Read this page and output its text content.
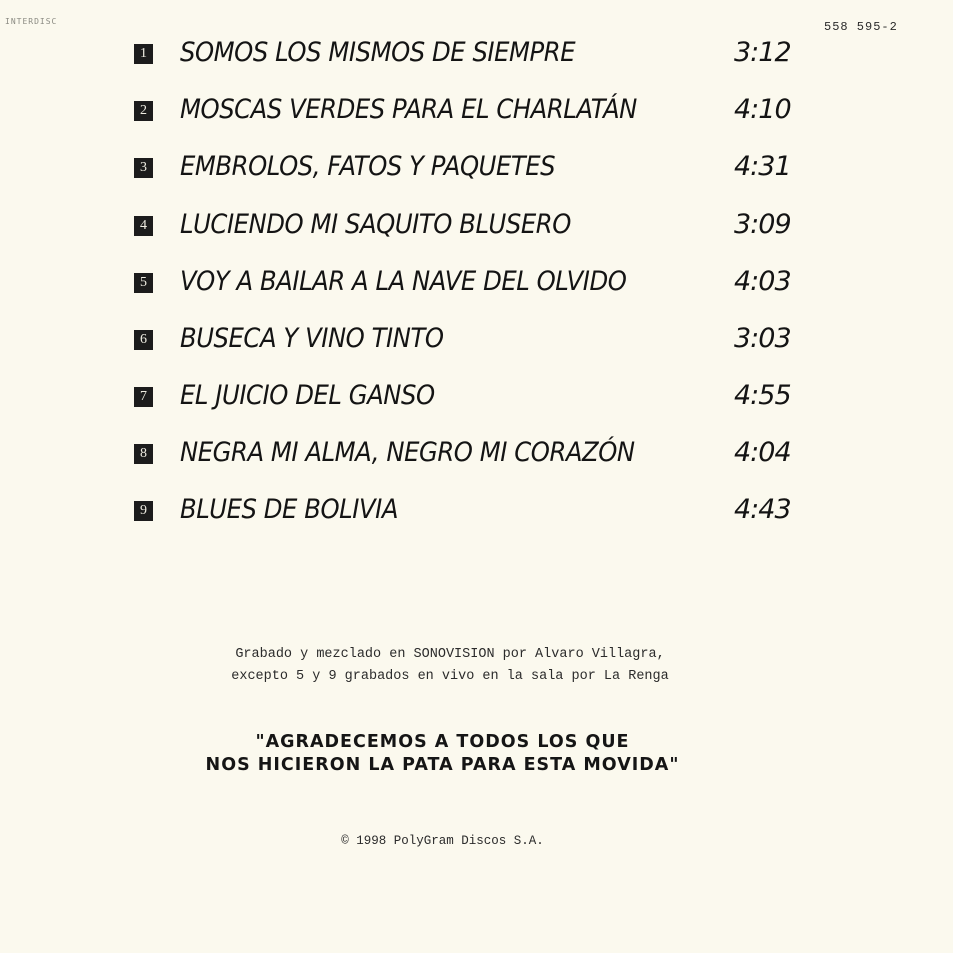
INTERDISC	558 595-2
1 SOMOS LOS MISMOS DE SIEMPRE	3:12
2 MOSCAS VERDES PARA EL CHARLATÁN	4:10
3 EMBROLOS, FATOS Y PAQUETES	4:31
4 LUCIENDO MI SAQUITO BLUSERO	3:09
5 VOY A BAILAR A LA NAVE DEL OLVIDO	4:03
6 BUSECA Y VINO TINTO	3:03
7 EL JUICIO DEL GANSO	4:55
8 NEGRA MI ALMA, NEGRO MI CORAZÓN	4:04
9 BLUES DE BOLIVIA	4:43
Grabado y mezclado en SONOVISION por Alvaro Villagra,
excepto 5 y 9 grabados en vivo en la sala por La Renga
"AGRADECEMOS A TODOS LOS QUE
NOS HICIERON LA PATA PARA ESTA MOVIDA"
© 1998 PolyGram Discos S.A.
